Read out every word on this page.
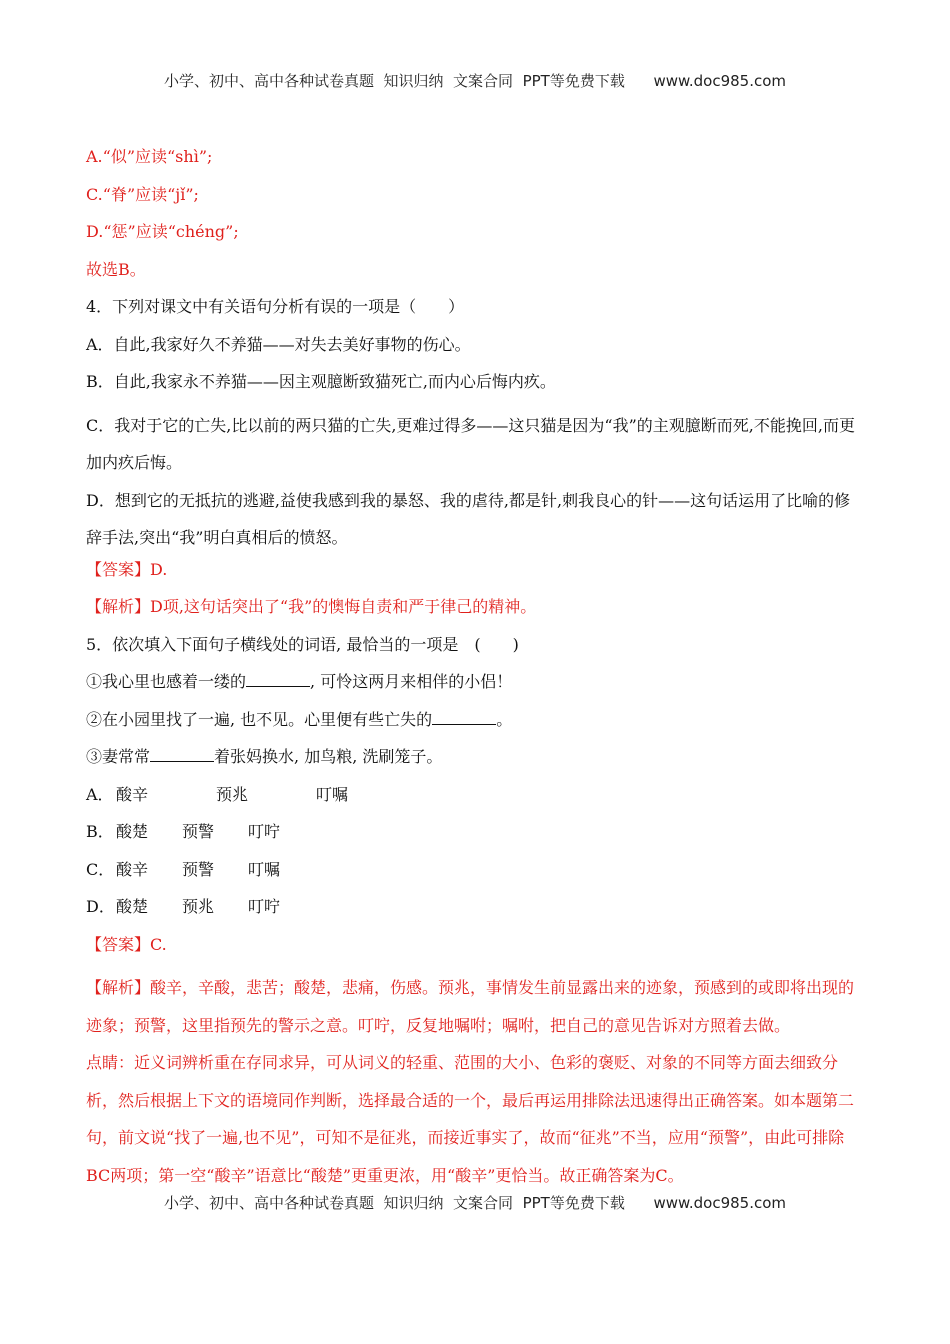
小学、初中、高中各种试卷真题  知识归纳  文案合同  PPT等免费下载      www.doc985.com
A.“似”应读“shì”;
C.“脊”应读“jǐ”;
D.“惩”应读“chéng”;
故选B。
4．下列对课文中有关语句分析有误的一项是（　　）
A．自此,我家好久不养猫——对失去美好事物的伤心。
B．自此,我家永不养猫——因主观臆断致猫死亡,而内心后悔内疚。
C．我对于它的亡失,比以前的两只猫的亡失,更难过得多——这只猫是因为“我”的主观臆断而死,不能挽回,而更加内疚后悔。
D．想到它的无抵抗的逃避,益使我感到我的暴怒、我的虐待,都是针,刺我良心的针——这句话运用了比喻的修辞手法,突出“我”明白真相后的愤怒。
【答案】D.
【解析】D项,这句话突出了“我”的懊悔自责和严于律己的精神。
5．依次填入下面句子横线处的词语, 最恰当的一项是　(　　)
①我心里也感着一缕的	, 可怜这两月来相伴的小侣！
②在小园里找了一遍, 也不见。心里便有些亡失的	。
③妻常常	着张妈换水, 加鸟粮, 洗刷笼子。
A． 酸辛	预兆	叮嘱
B． 酸楚 预警 叮咛
C． 酸辛 预警 叮嘱
D．酸楚 预兆 叮咛
【答案】C.
【解析】酸辛，辛酸，悲苦；酸楚，悲痛，伤感。预兆，事情发生前显露出来的迹象，预感到的或即将出现的迹象；预警，这里指预先的警示之意。叮咛，反复地嘱咐；嘱咐，把自己的意见告诉对方照着去做。
点睛：近义词辨析重在存同求异，可从词义的轻重、范围的大小、色彩的褒贬、对象的不同等方面去细致分析，然后根据上下文的语境同作判断，选择最合适的一个，最后再运用排除法迅速得出正确答案。如本题第二句，前文说“找了一遍,也不见”，可知不是征兆，而接近事实了，故而“征兆”不当，应用“预警”，由此可排除BC两项；第一空“酸辛”语意比“酸楚”更重更浓，用“酸辛”更恰当。故正确答案为C。
小学、初中、高中各种试卷真题  知识归纳  文案合同  PPT等免费下载      www.doc985.com
